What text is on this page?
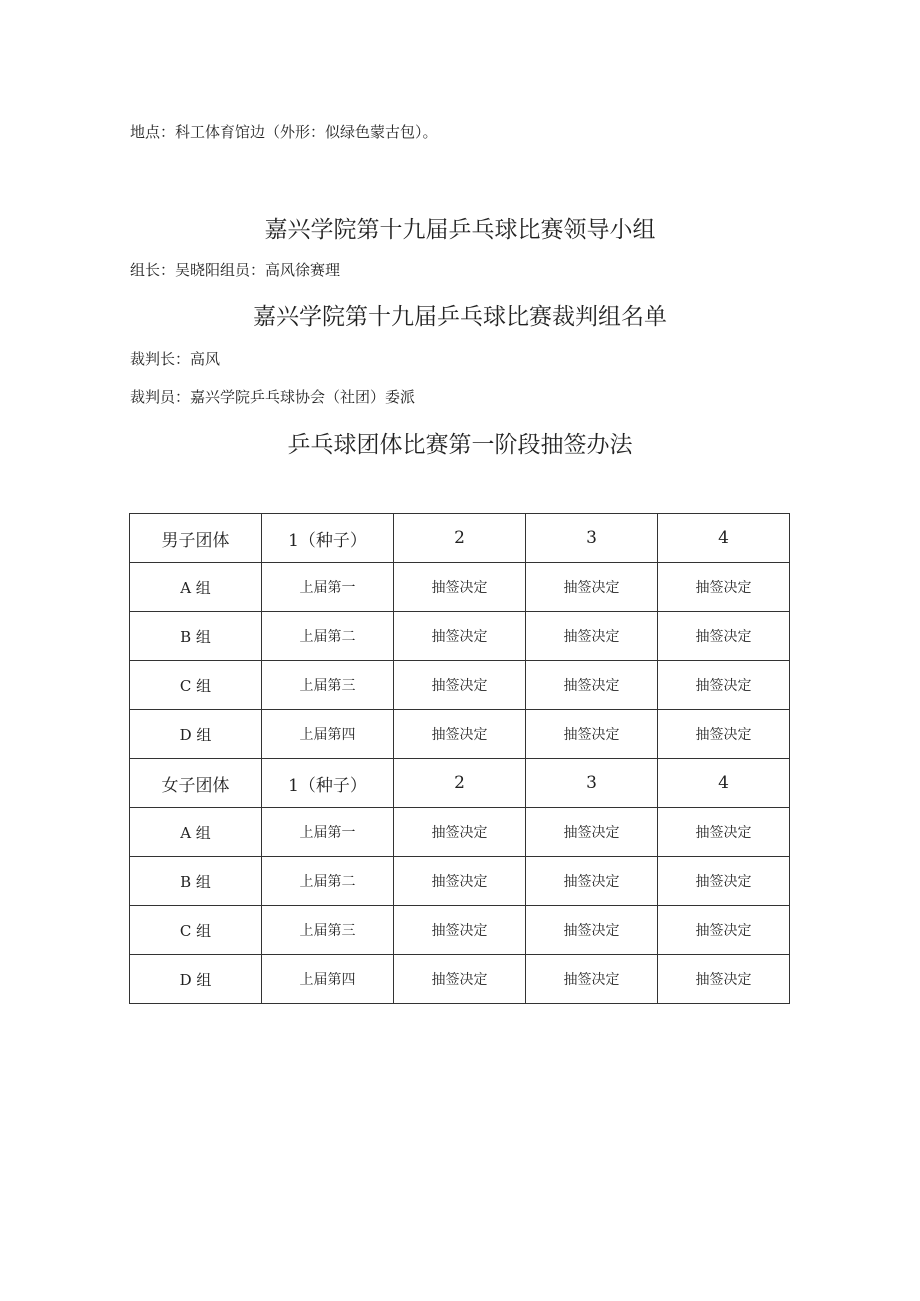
地点：科工体育馆边（外形：似绿色蒙古包）。
嘉兴学院第十九届乒乓球比赛领导小组
组长：吴晓阳组员：高风徐赛理
嘉兴学院第十九届乒乓球比赛裁判组名单
裁判长：高风
裁判员：嘉兴学院乒乓球协会（社团）委派
乒乓球团体比赛第一阶段抽签办法
男子团体	1（种子）	2	3	4
A 组	上届第一	抽签决定	抽签决定	抽签决定
B 组	上届第二	抽签决定	抽签决定	抽签决定
C 组	上届第三	抽签决定	抽签决定	抽签决定
D 组	上届第四	抽签决定	抽签决定	抽签决定
女子团体	1（种子）	2	3	4
A 组	上届第一	抽签决定	抽签决定	抽签决定
B 组	上届第二	抽签决定	抽签决定	抽签决定
C 组	上届第三	抽签决定	抽签决定	抽签决定
D 组	上届第四	抽签决定	抽签决定	抽签决定
